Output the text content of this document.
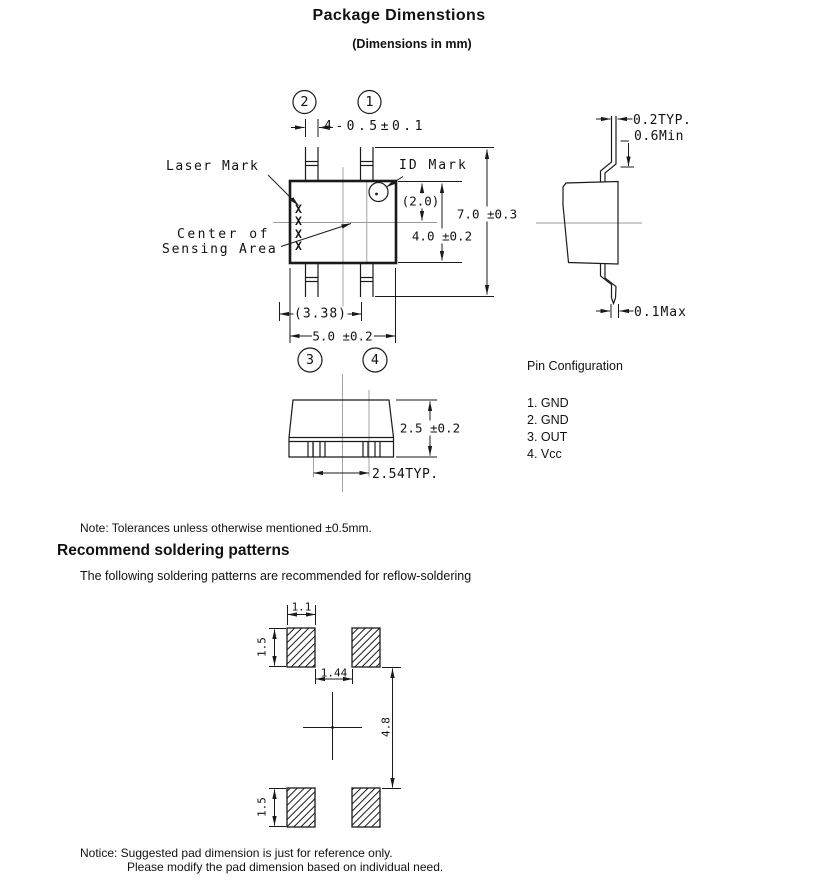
Package Dimenstions
(Dimensions in mm)
2	1
3	4
4-0.5±0.1
Laser Mark	ID Mark
XXXX
(2.0)
7.0 ±0.3
4.0 ±0.2
Center of
Sensing Area
(3.38)
5.0 ±0.2
0.2TYP.
0.6Min
0.1Max
2.5 ±0.2
2.54TYP.
Pin Configuration
1. GND
2. GND
3. OUT
4. Vcc
Note: Tolerances unless otherwise mentioned ±0.5mm.
Recommend soldering patterns
The following soldering patterns are recommended for reflow-soldering
1.1
1.5
1.44
4.8
1.5
Notice: Suggested pad dimension is just for reference only.
Please modify the pad dimension based on individual need.
